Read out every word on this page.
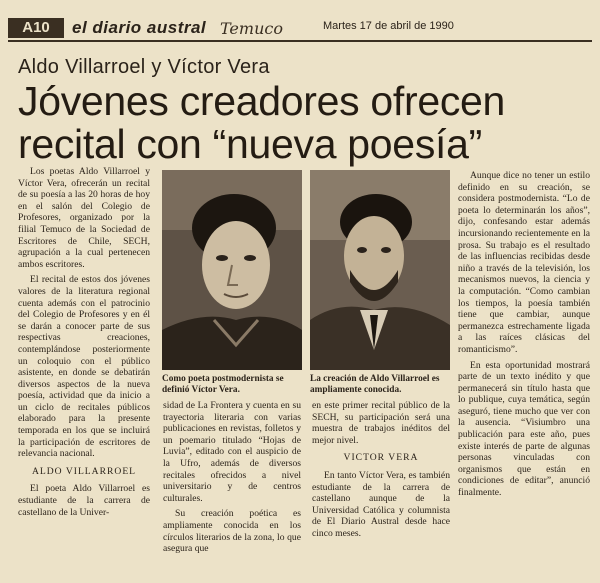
A10	el diario austral Temuco	Martes 17 de abril de 1990
Aldo Villarroel y Víctor Vera
Jóvenes creadores ofrecen
recital con “nueva poesía”

Los poetas Aldo Villarroel y Víctor Vera, ofrecerán un recital de su poesía a las 20 horas de hoy en el salón del Colegio de Profesores, organizado por la filial Temuco de la Sociedad de Escritores de Chile, SECH, agrupación a la cual pertenecen ambos escritores.

El recital de estos dos jóvenes valores de la literatura regional cuenta además con el patrocinio del Colegio de Profesores y en él se darán a conocer parte de sus respectivas creaciones, contemplándose posteriormente un coloquio con el público asistente, en donde se debatirán diversos aspectos de la nueva poesía, actividad que da inicio a un ciclo de recitales públicos elaborado para la presente temporada en los que se incluirá la participación de escritores de relevancia nacional.

ALDO VILLARROEL

El poeta Aldo Villarroel es estudiante de la carrera de castellano de la Univer-

Como poeta postmodernista se definió Víctor Vera.
La creación de Aldo Villarroel es ampliamente conocida.

sidad de La Frontera y cuenta en su trayectoria literaria con varias publicaciones en revistas, folletos y un poemario titulado “Hojas de Luvia”, editado con el auspicio de la Ufro, además de diversos recitales ofrecidos a nivel universitario y de centros culturales.

Su creación poética es ampliamente conocida en los círculos literarios de la zona, lo que asegura que

en este primer recital público de la SECH, su participación será una muestra de trabajos inéditos del mejor nivel.

VICTOR VERA

En tanto Víctor Vera, es también estudiante de la carrera de castellano aunque de la Universidad Católica y columnista de El Diario Austral desde hace cinco meses.

Aunque dice no tener un estilo definido en su creación, se considera postmodernista. “Lo de poeta lo determinarán los años”, dijo, confesando estar además incursionando recientemente en la prosa. Su trabajo es el resultado de las influencias recibidas desde niño a través de la televisión, los mecanismos nuevos, la ciencia y la computación. “Como cambian los tiempos, la poesía también tiene que cambiar, aunque permanezca estrechamente ligada a las raíces clásicas del romanticismo”.

En esta oportunidad mostrará parte de un texto inédito y que permanecerá sin título hasta que lo publique, cuya temática, según aseguró, tiene mucho que ver con la ausencia. “Visiumbro una publicación para este año, pues existe interés de parte de algunas personas vinculadas con organismos que están en condiciones de editar”, anunció finalmente.
